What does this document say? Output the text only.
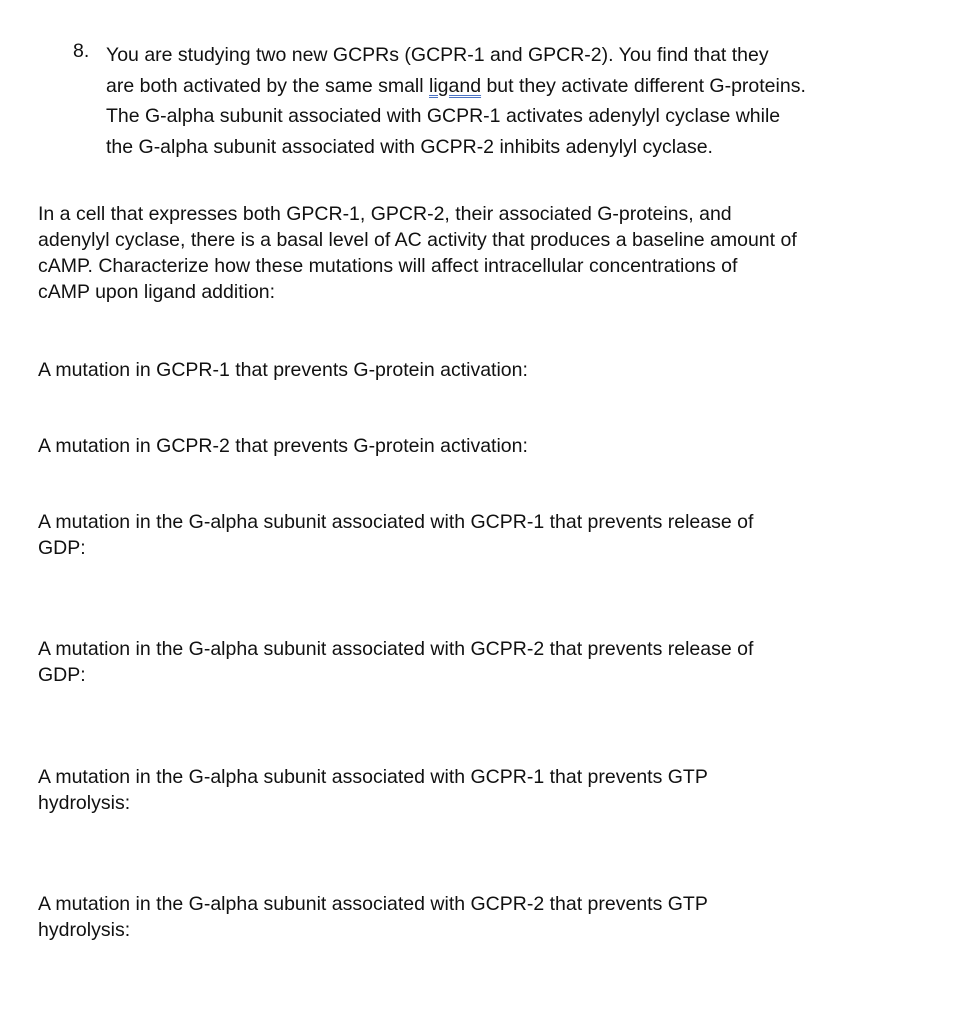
8. You are studying two new GCPRs (GCPR-1 and GPCR-2). You find that they
are both activated by the same small ligand but they activate different G-proteins.
The G-alpha subunit associated with GCPR-1 activates adenylyl cyclase while
the G-alpha subunit associated with GCPR-2 inhibits adenylyl cyclase.
In a cell that expresses both GPCR-1, GPCR-2, their associated G-proteins, and
adenylyl cyclase, there is a basal level of AC activity that produces a baseline amount of
cAMP. Characterize how these mutations will affect intracellular concentrations of
cAMP upon ligand addition:
A mutation in GCPR-1 that prevents G-protein activation:
A mutation in GCPR-2 that prevents G-protein activation:
A mutation in the G-alpha subunit associated with GCPR-1 that prevents release of
GDP:
A mutation in the G-alpha subunit associated with GCPR-2 that prevents release of
GDP:
A mutation in the G-alpha subunit associated with GCPR-1 that prevents GTP
hydrolysis:
A mutation in the G-alpha subunit associated with GCPR-2 that prevents GTP
hydrolysis:
